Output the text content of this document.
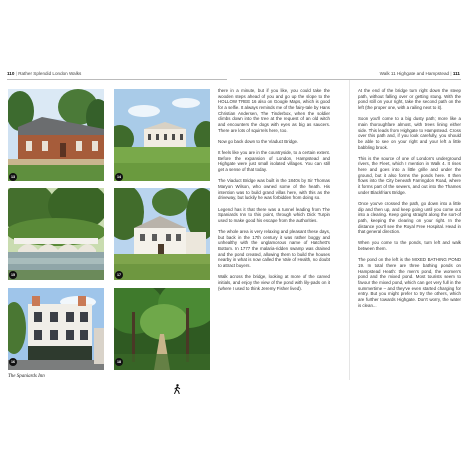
110 | Rather Splendid London Walks	Walk 11 Highgate and Hampstead | 111
13	14
15	17
16
The Spaniards Inn
18

there in a minute, but if you like, you could take the wooden steps ahead of you and go up the slope to the HOLLOW TREE 16 also on Google Maps, which is good for a selfie. It always reminds me of the fairy-tale by Hans Christian Andersen, The Tinderbox, when the soldier climbs down into the tree at the request of an old witch and encounters the dogs with eyes as big as saucers. There are lots of squirrels here, too.

Now go back down to the Viaduct Bridge.

It feels like you are in the countryside, to a certain extent. Before the expansion of London, Hampstead and Highgate were just small isolated villages. You can still get a sense of that today.

The Viaduct Bridge was built in the 1840s by Sir Thomas Maryon Wilson, who owned some of the heath. His intention was to build grand villas here, with this as the driveway, but luckily he was forbidden from doing so.

Legend has it that there was a tunnel leading from The Spaniards Inn to this point, through which Dick Turpin used to make good his escape from the authorities.

The whole area is very relaxing and pleasant these days, but back in the 17th century it was rather boggy and unhealthy with the unglamorous name of Hatchett's Bottom. In 1777 the malaria-ridden swamp was drained and the pond created, allowing them to build the houses nearby in what is now called the Vale of Health, no doubt to attract buyers.

Walk across the bridge, looking at more of the carved initials, and enjoy the view of the pond with lily-pads on it (where I used to think Jeremy Fisher lived).

At the end of the bridge turn right down the steep path, without falling over or getting stung. With the pond still on your right, take the second path on the left (the proper one, with a railing next to it).

Soon you'll come to a big dusty path; more like a main thoroughfare almost, with trees lining either side. This leads from Highgate to Hampstead. Cross over this path and, if you look carefully, you should be able to see on your right and your left a little babbling brook.

This is the source of one of London's underground rivers, the Fleet, which I mention in Walk 4. It rises here and goes into a little grille and under the ground, but it also forms the ponds here. It then flows into the City beneath Farringdon Road, where it forms part of the sewers, and out into the Thames under Blackfriars Bridge.

Once you've crossed the path, go down into a little dip and then up, and keep going until you come out into a clearing. Keep going straight along the sort-of path, keeping the clearing on your right. In the distance you'll see the Royal Free Hospital. Head in that general direction.

When you come to the ponds, turn left and walk between them.

The pond on the left is the MIXED BATHING POND 19. In total there are three bathing ponds on Hampstead Heath: the men's pond, the women's pond and the mixed pond. Most tourists seem to favour the mixed pond, which can get very full in the summertime – and they've even started charging for entry. But you might prefer to try the others, which are further towards Highgate. Don't worry, the water is clean...
